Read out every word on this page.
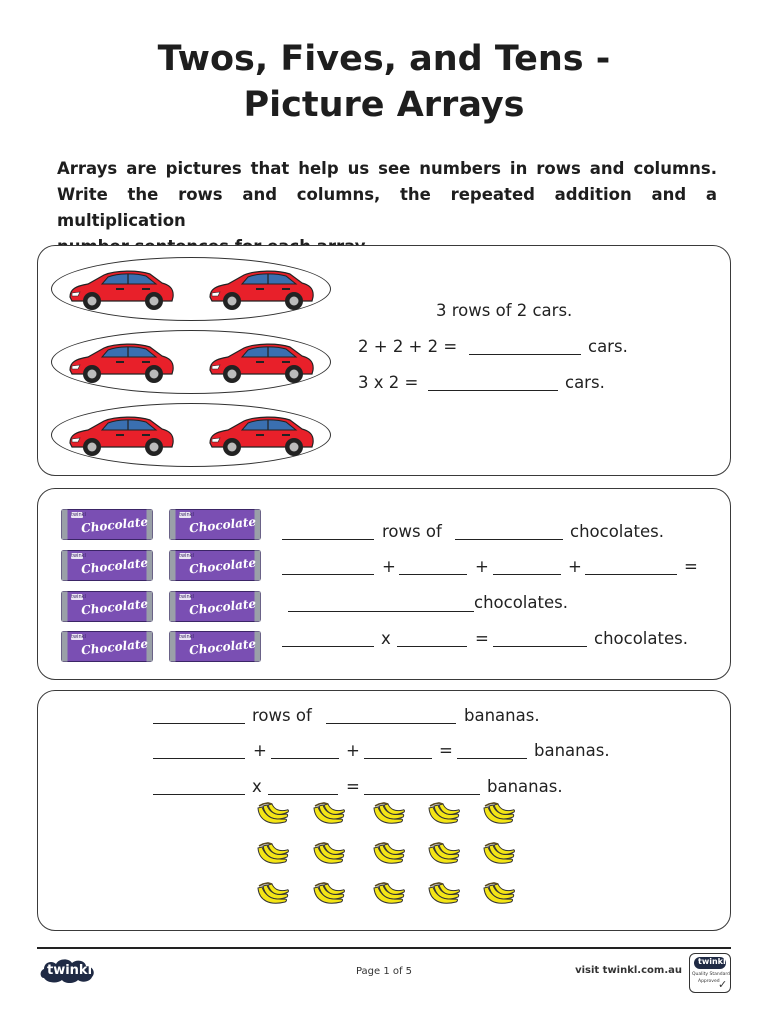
Twos, Fives, and Tens -
Picture Arrays
Arrays are pictures that help us see numbers in rows and columns.
Write the rows and columns, the repeated addition and a multiplication
3 rows of 2 cars.
2 + 2 + 2 =	cars.
3 x 2 =	cars.
twinkl
Chocolate	twinkl
Chocolate
twinkl
Chocolate	twinkl
Chocolate
twinkl
Chocolate	twinkl
Chocolate
twinkl
Chocolate	twinkl
Chocolate
rows of	chocolates.
+	+	+	=
chocolates.
x	=	chocolates.
rows of	bananas.
+	+	=	bananas.
x	=	bananas.
twinkl	Page 1 of 5	visit twinkl.com.au
twinkl
Quality Standard
Approved
✓
